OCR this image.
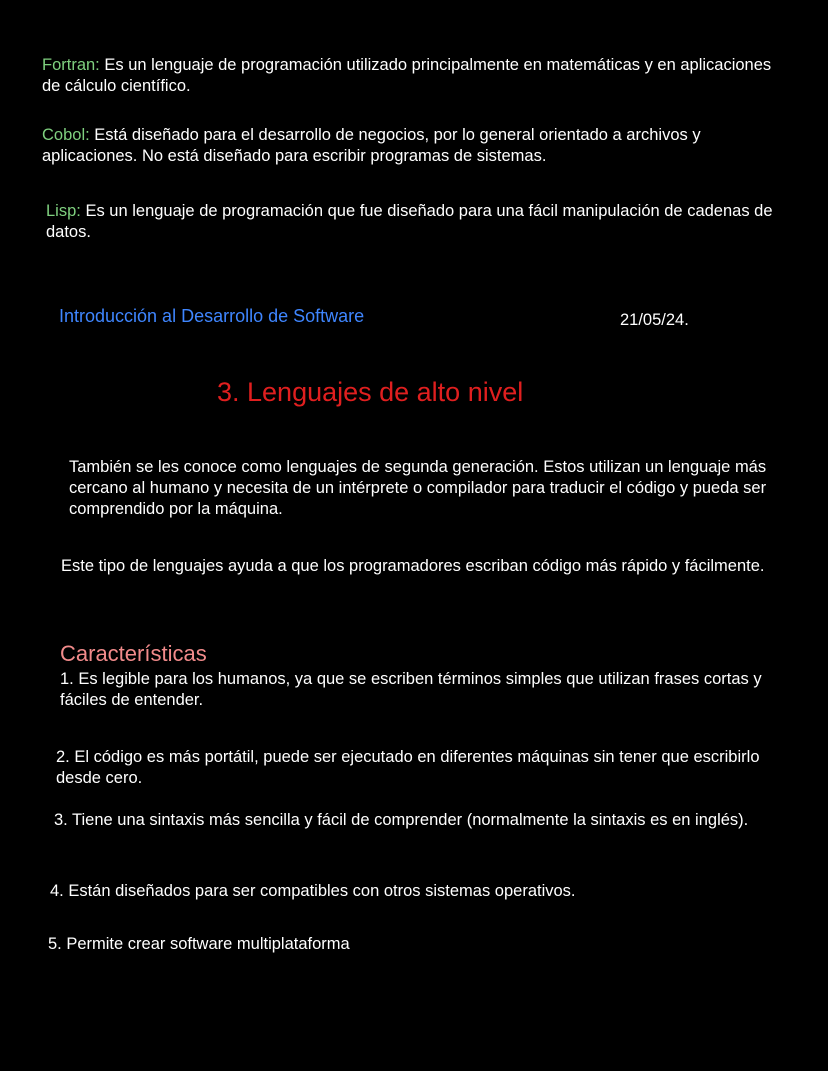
Fortran: Es un lenguaje de programación utilizado principalmente en matemáticas y en aplicaciones de cálculo científico.

Cobol: Está diseñado para el desarrollo de negocios, por lo general orientado a archivos y aplicaciones. No está diseñado para escribir programas de sistemas.

Lisp: Es un lenguaje de programación que fue diseñado para una fácil manipulación de cadenas de datos.

Introducción al Desarrollo de Software	21/05/24.
3. Lenguajes de alto nivel

También se les conoce como lenguajes de segunda generación. Estos utilizan un lenguaje más cercano al humano y necesita de un intérprete o compilador para traducir el código y pueda ser comprendido por la máquina.

Este tipo de lenguajes ayuda a que los programadores escriban código más rápido y fácilmente.

Características

1. Es legible para los humanos, ya que se escriben términos simples que utilizan frases cortas y fáciles de entender.

2. El código es más portátil, puede ser ejecutado en diferentes máquinas sin tener que escribirlo desde cero.

3. Tiene una sintaxis más sencilla y fácil de comprender (normalmente la sintaxis es en inglés).

4. Están diseñados para ser compatibles con otros sistemas operativos.

5. Permite crear software multiplataforma
